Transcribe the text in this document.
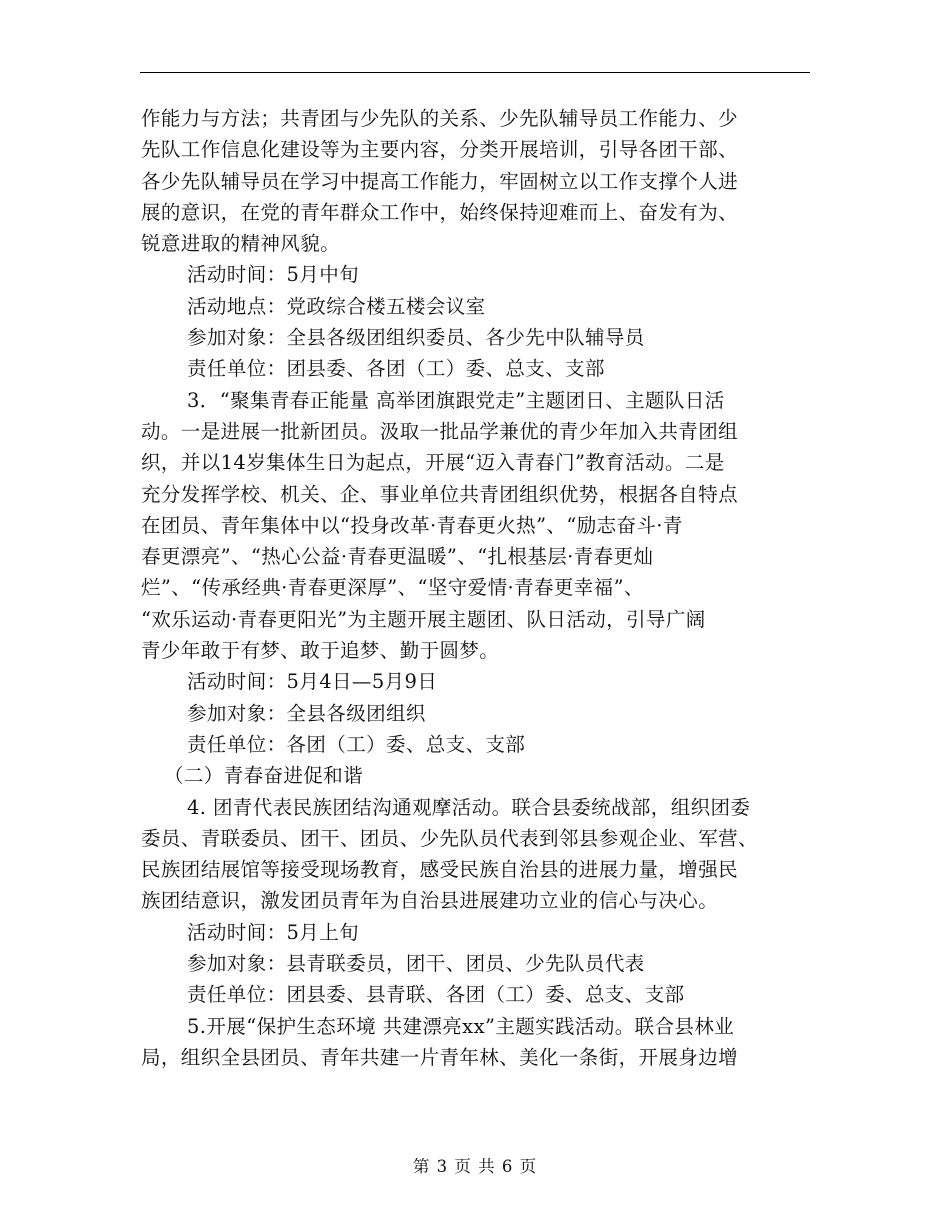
作能力与方法；共青团与少先队的关系、少先队辅导员工作能力、少
先队工作信息化建设等为主要内容，分类开展培训，引导各团干部、
各少先队辅导员在学习中提高工作能力，牢固树立以工作支撑个人进
展的意识，在党的青年群众工作中，始终保持迎难而上、奋发有为、
锐意进取的精神风貌。
活动时间：5月中旬
活动地点：党政综合楼五楼会议室
参加对象：全县各级团组织委员、各少先中队辅导员
责任单位：团县委、各团（工）委、总支、支部
3．“聚集青春正能量 高举团旗跟党走”主题团日、主题队日活
动。一是进展一批新团员。汲取一批品学兼优的青少年加入共青团组
织，并以14岁集体生日为起点，开展“迈入青春门”教育活动。二是
充分发挥学校、机关、企、事业单位共青团组织优势，根据各自特点
在团员、青年集体中以“投身改革·青春更火热”、“励志奋斗·青
春更漂亮”、“热心公益·青春更温暖”、“扎根基层·青春更灿
烂”、“传承经典·青春更深厚”、“坚守爱情·青春更幸福”、
“欢乐运动·青春更阳光”为主题开展主题团、队日活动，引导广阔
青少年敢于有梦、敢于追梦、勤于圆梦。
活动时间：5月4日—5月9日
参加对象：全县各级团组织
责任单位：各团（工）委、总支、支部
（二）青春奋进促和谐
4. 团青代表民族团结沟通观摩活动。联合县委统战部，组织团委
委员、青联委员、团干、团员、少先队员代表到邻县参观企业、军营、
民族团结展馆等接受现场教育，感受民族自治县的进展力量，增强民
族团结意识，激发团员青年为自治县进展建功立业的信心与决心。
活动时间：5月上旬
参加对象：县青联委员，团干、团员、少先队员代表
责任单位：团县委、县青联、各团（工）委、总支、支部
5.开展“保护生态环境 共建漂亮xx”主题实践活动。联合县林业
局，组织全县团员、青年共建一片青年林、美化一条街，开展身边增
第 3 页 共 6 页
